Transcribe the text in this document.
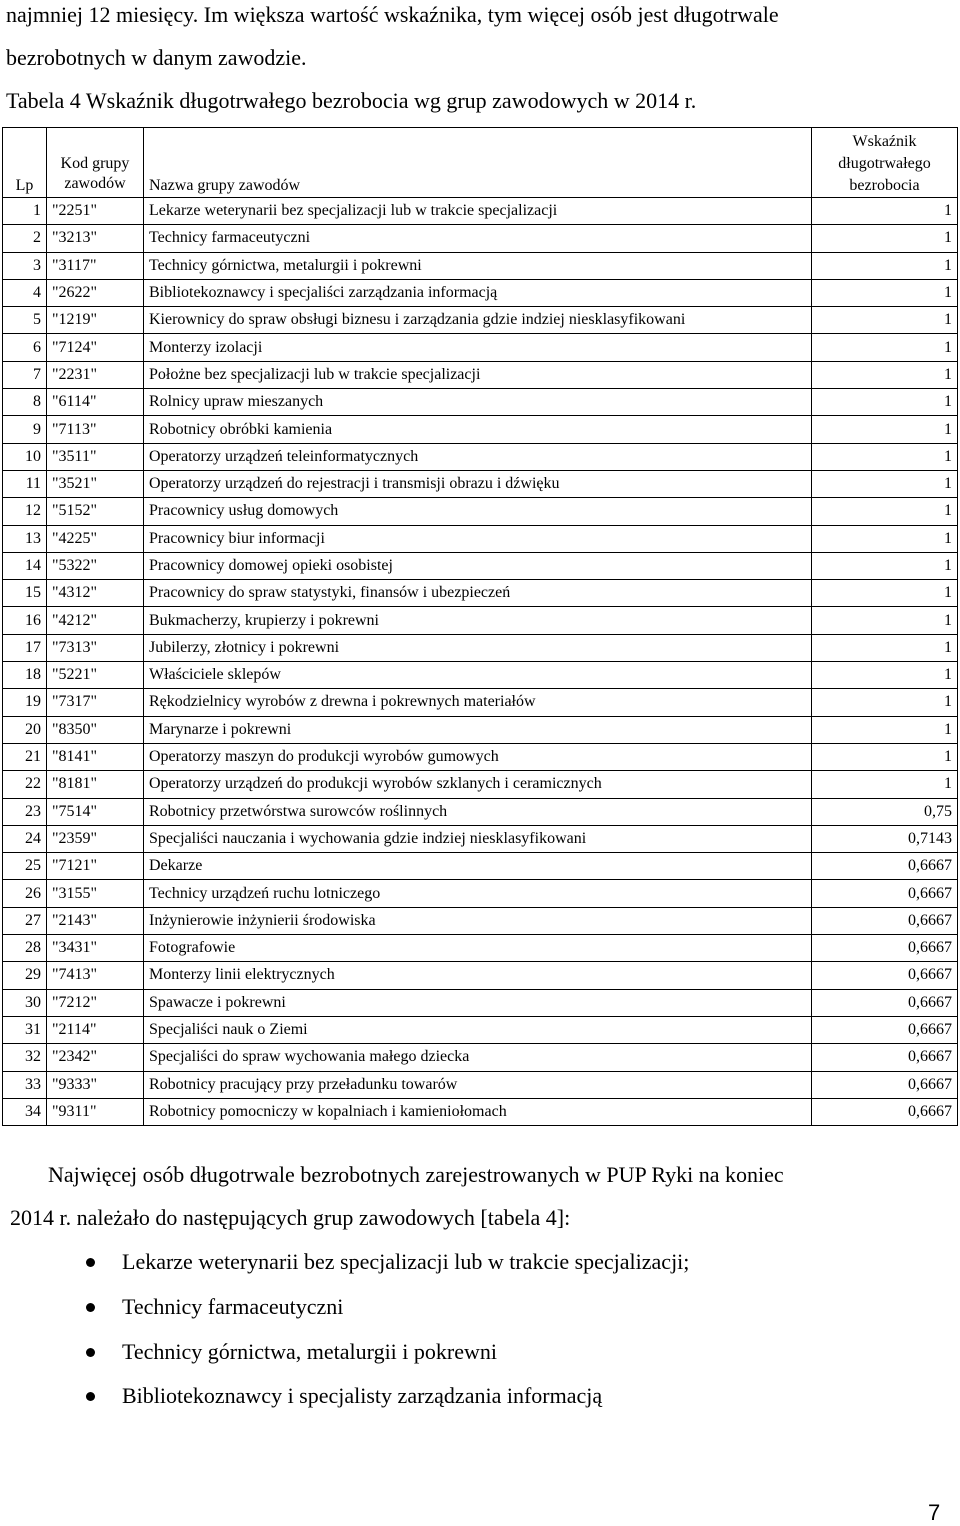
najmniej 12 miesięcy. Im większa wartość wskaźnika, tym więcej osób jest długotrwale
bezrobotnych w danym zawodzie.
Tabela 4 Wskaźnik długotrwałego bezrobocia wg grup zawodowych w 2014 r.
Lp	Kod grupy zawodów	Nazwa grupy zawodów	Wskaźnik długotrwałego bezrobocia
1	"2251"	Lekarze weterynarii bez specjalizacji lub w trakcie specjalizacji	1
2	"3213"	Technicy farmaceutyczni	1
3	"3117"	Technicy górnictwa, metalurgii i pokrewni	1
4	"2622"	Bibliotekoznawcy i specjaliści zarządzania informacją	1
5	"1219"	Kierownicy do spraw obsługi biznesu i zarządzania gdzie indziej niesklasyfikowani	1
6	"7124"	Monterzy izolacji	1
7	"2231"	Położne bez specjalizacji lub w trakcie specjalizacji	1
8	"6114"	Rolnicy upraw mieszanych	1
9	"7113"	Robotnicy obróbki kamienia	1
10	"3511"	Operatorzy urządzeń teleinformatycznych	1
11	"3521"	Operatorzy urządzeń do rejestracji i transmisji obrazu i dźwięku	1
12	"5152"	Pracownicy usług domowych	1
13	"4225"	Pracownicy biur informacji	1
14	"5322"	Pracownicy domowej opieki osobistej	1
15	"4312"	Pracownicy do spraw statystyki, finansów i ubezpieczeń	1
16	"4212"	Bukmacherzy, krupierzy i pokrewni	1
17	"7313"	Jubilerzy, złotnicy i pokrewni	1
18	"5221"	Właściciele sklepów	1
19	"7317"	Rękodzielnicy wyrobów z drewna i pokrewnych materiałów	1
20	"8350"	Marynarze i pokrewni	1
21	"8141"	Operatorzy maszyn do produkcji wyrobów gumowych	1
22	"8181"	Operatorzy urządzeń do produkcji wyrobów szklanych i ceramicznych	1
23	"7514"	Robotnicy przetwórstwa surowców roślinnych	0,75
24	"2359"	Specjaliści nauczania i wychowania gdzie indziej niesklasyfikowani	0,7143
25	"7121"	Dekarze	0,6667
26	"3155"	Technicy urządzeń ruchu lotniczego	0,6667
27	"2143"	Inżynierowie inżynierii środowiska	0,6667
28	"3431"	Fotografowie	0,6667
29	"7413"	Monterzy linii elektrycznych	0,6667
30	"7212"	Spawacze i pokrewni	0,6667
31	"2114"	Specjaliści nauk o Ziemi	0,6667
32	"2342"	Specjaliści do spraw wychowania małego dziecka	0,6667
33	"9333"	Robotnicy pracujący przy przeładunku towarów	0,6667
34	"9311"	Robotnicy pomocniczy w kopalniach i kamieniołomach	0,6667
Najwięcej osób długotrwale bezrobotnych zarejestrowanych w PUP Ryki na koniec
2014 r. należało do następujących grup zawodowych [tabela 4]:
Lekarze weterynarii bez specjalizacji lub w trakcie specjalizacji;
Technicy farmaceutyczni
Technicy górnictwa, metalurgii i pokrewni
Bibliotekoznawcy i specjalisty zarządzania informacją
7
